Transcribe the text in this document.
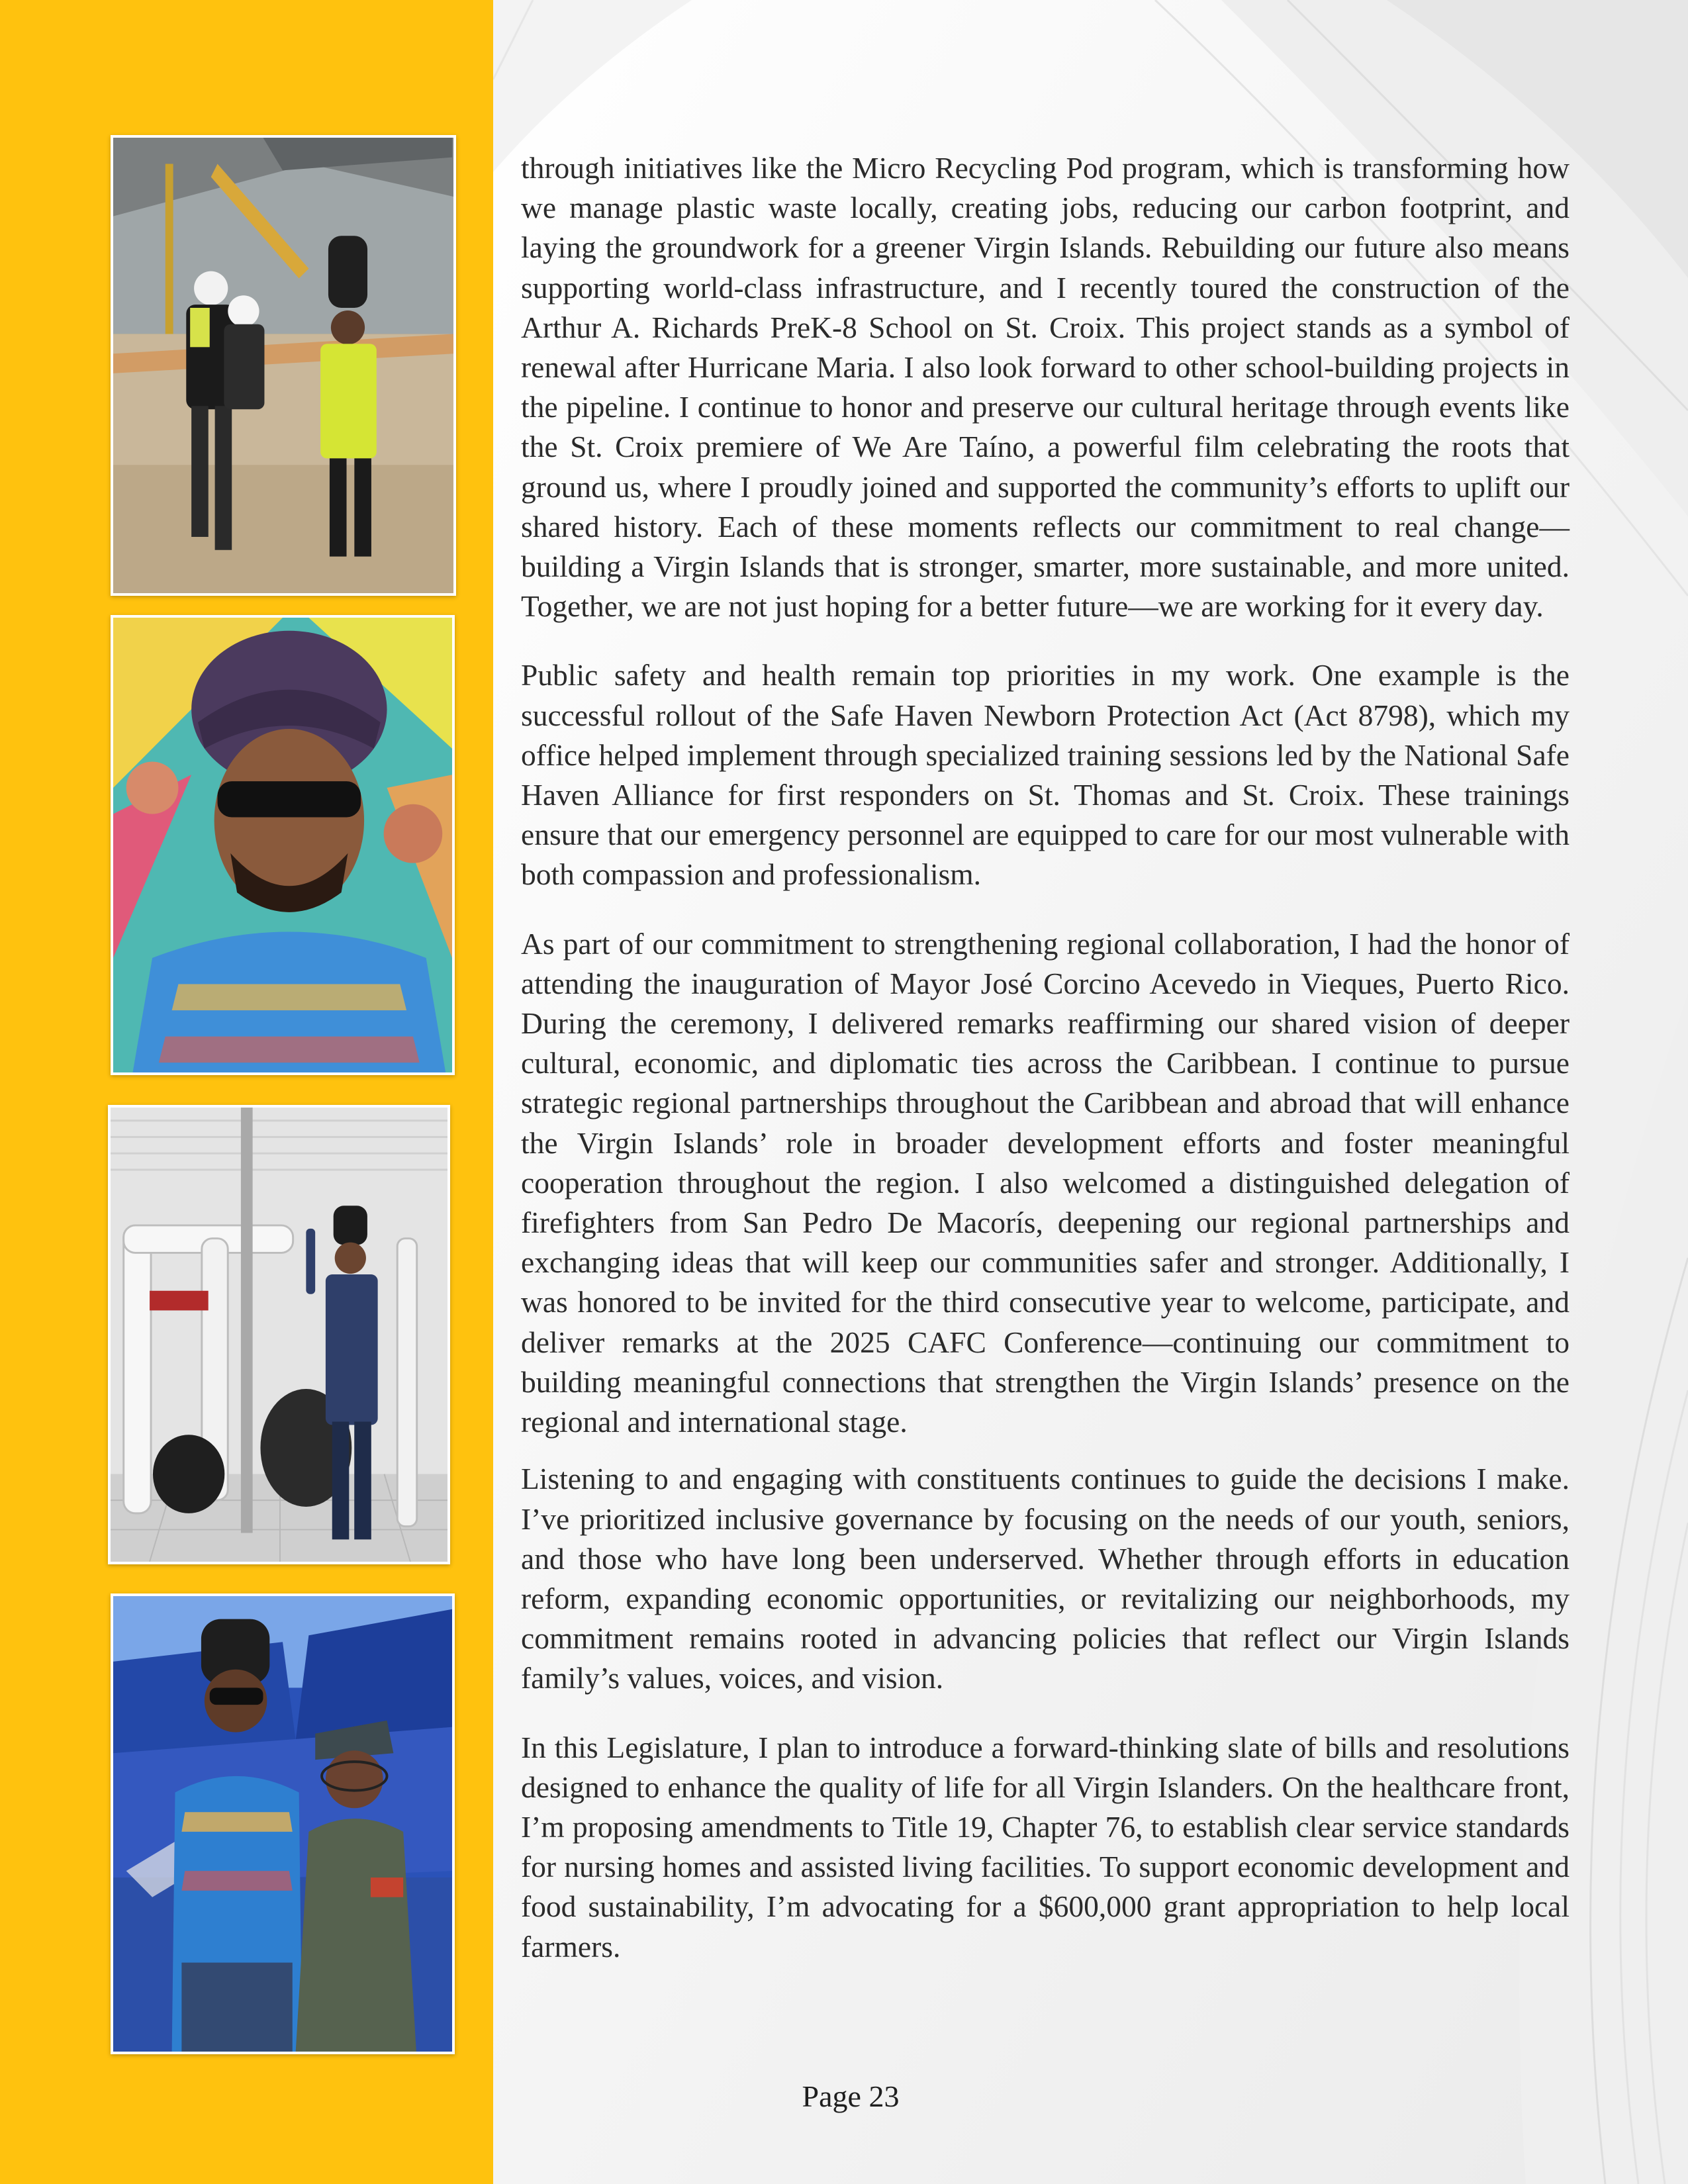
through initiatives like the Micro Recycling Pod program, which is transforming how we manage plastic waste locally, creating jobs, reducing our carbon footprint, and laying the groundwork for a greener Virgin Islands. Rebuilding our future also means supporting world-class infrastructure, and I recently toured the construction of the Arthur A. Richards PreK-8 School on St. Croix. This project stands as a symbol of renewal after Hurricane Maria. I also look forward to other school-building projects in the pipeline. I continue to honor and preserve our cultural heritage through events like the St. Croix premiere of We Are Taíno, a powerful film celebrating the roots that ground us, where I proudly joined and supported the community’s efforts to uplift our shared history. Each of these moments reflects our commitment to real change—building a Virgin Islands that is stronger, smarter, more sustainable, and more united. Together, we are not just hoping for a better future—we are working for it every day.

Public safety and health remain top priorities in my work. One example is the successful rollout of the Safe Haven Newborn Protection Act (Act 8798), which my office helped implement through specialized training sessions led by the National Safe Haven Alliance for first responders on St. Thomas and St. Croix. These trainings ensure that our emergency personnel are equipped to care for our most vulnerable with both compassion and professionalism.

As part of our commitment to strengthening regional collaboration, I had the honor of attending the inauguration of Mayor José Corcino Acevedo in Vieques, Puerto Rico. During the ceremony, I delivered remarks reaffirming our shared vision of deeper cultural, economic, and diplomatic ties across the Caribbean. I continue to pursue strategic regional partnerships throughout the Caribbean and abroad that will enhance the Virgin Islands’ role in broader development efforts and foster meaningful cooperation throughout the region. I also welcomed a distinguished delegation of firefighters from San Pedro De Macorís, deepening our regional partnerships and exchanging ideas that will keep our communities safer and stronger. Additionally, I was honored to be invited for the third consecutive year to welcome, participate, and deliver remarks at the 2025 CAFC Conference—continuing our commitment to building meaningful connections that strengthen the Virgin Islands’ presence on the regional and international stage.

Listening to and engaging with constituents continues to guide the decisions I make. I’ve prioritized inclusive governance by focusing on the needs of our youth, seniors, and those who have long been underserved. Whether through efforts in education reform, expanding economic opportunities, or revitalizing our neighborhoods, my commitment remains rooted in advancing policies that reflect our Virgin Islands family’s values, voices, and vision.

In this Legislature, I plan to introduce a forward-thinking slate of bills and resolutions designed to enhance the quality of life for all Virgin Islanders. On the healthcare front, I’m proposing amendments to Title 19, Chapter 76, to establish clear service standards for nursing homes and assisted living facilities. To support economic development and food sustainability, I’m advocating for a $600,000 grant appropriation to help local farmers.

Page 23
